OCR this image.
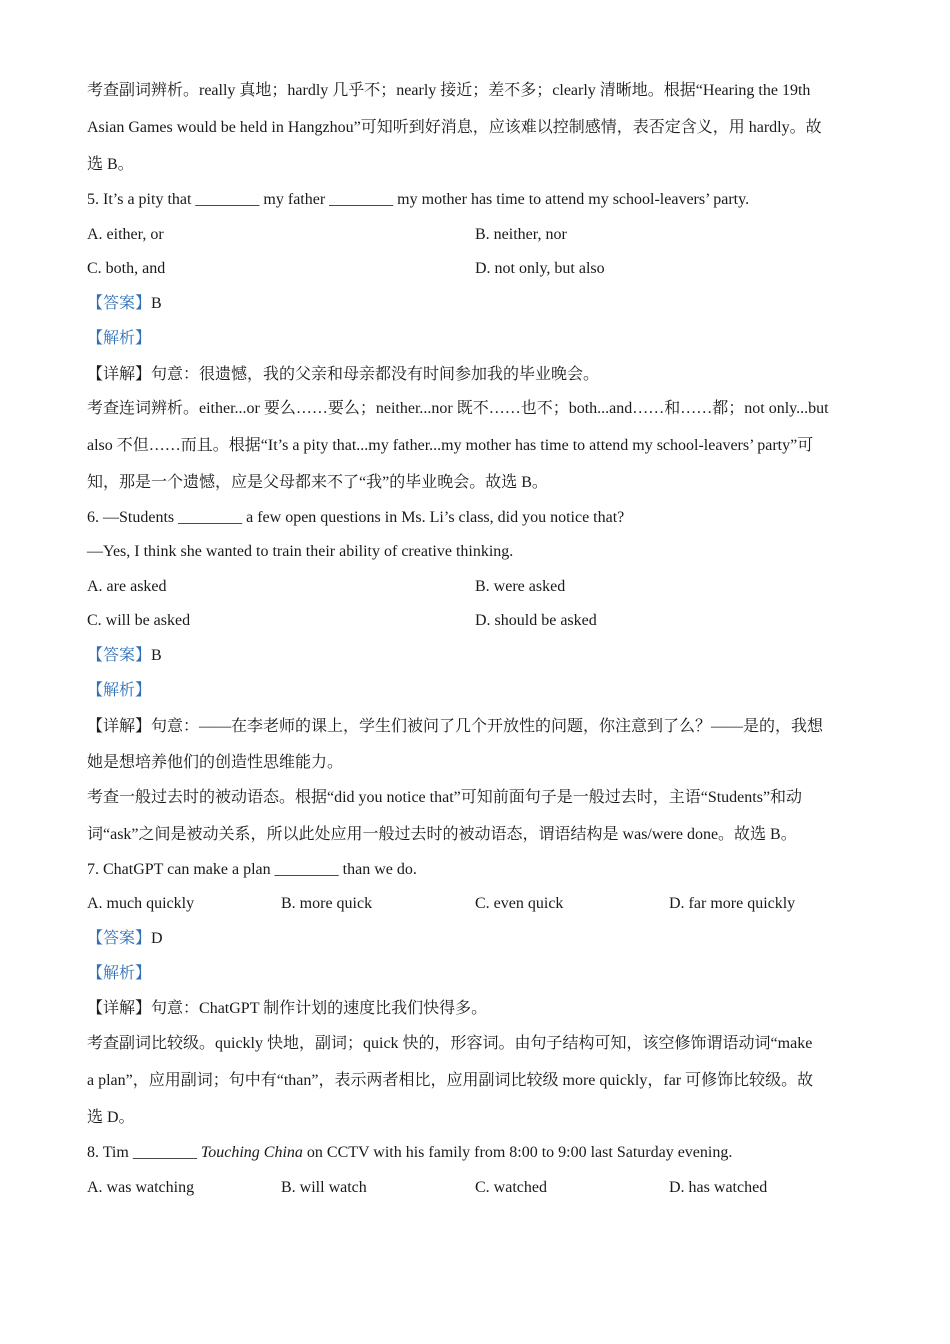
考查副词辨析。really 真地；hardly 几乎不；nearly 接近；差不多；clearly 清晰地。根据“Hearing the 19th
Asian Games would be held in Hangzhou”可知听到好消息，应该难以控制感情，表否定含义，用 hardly。故
选 B。
5. It’s a pity that ________ my father ________ my mother has time to attend my school-leavers’ party.
A. either, or	B. neither, nor
C. both, and	D. not only, but also
【答案】B
【解析】
【详解】句意：很遗憾，我的父亲和母亲都没有时间参加我的毕业晚会。
考查连词辨析。either...or 要么……要么；neither...nor 既不……也不；both...and……和……都；not only...but
also 不但……而且。根据“It’s a pity that...my father...my mother has time to attend my school-leavers’ party”可
知，那是一个遗憾，应是父母都来不了“我”的毕业晚会。故选 B。
6. —Students ________ a few open questions in Ms. Li’s class, did you notice that?
—Yes, I think she wanted to train their ability of creative thinking.
A. are asked	B. were asked
C. will be asked	D. should be asked
【答案】B
【解析】
【详解】句意：——在李老师的课上，学生们被问了几个开放性的问题，你注意到了么？——是的，我想
她是想培养他们的创造性思维能力。
考查一般过去时的被动语态。根据“did you notice that”可知前面句子是一般过去时，主语“Students”和动
词“ask”之间是被动关系，所以此处应用一般过去时的被动语态，谓语结构是 was/were done。故选 B。
7. ChatGPT can make a plan ________ than we do.
A. much quickly	B. more quick	C. even quick	D. far more quickly
【答案】D
【解析】
【详解】句意：ChatGPT 制作计划的速度比我们快得多。
考查副词比较级。quickly 快地，副词；quick 快的，形容词。由句子结构可知，该空修饰谓语动词“make
a plan”，应用副词；句中有“than”，表示两者相比，应用副词比较级 more quickly，far 可修饰比较级。故
选 D。
8. Tim ________ Touching China on CCTV with his family from 8:00 to 9:00 last Saturday evening.
A. was watching	B. will watch	C. watched	D. has watched
